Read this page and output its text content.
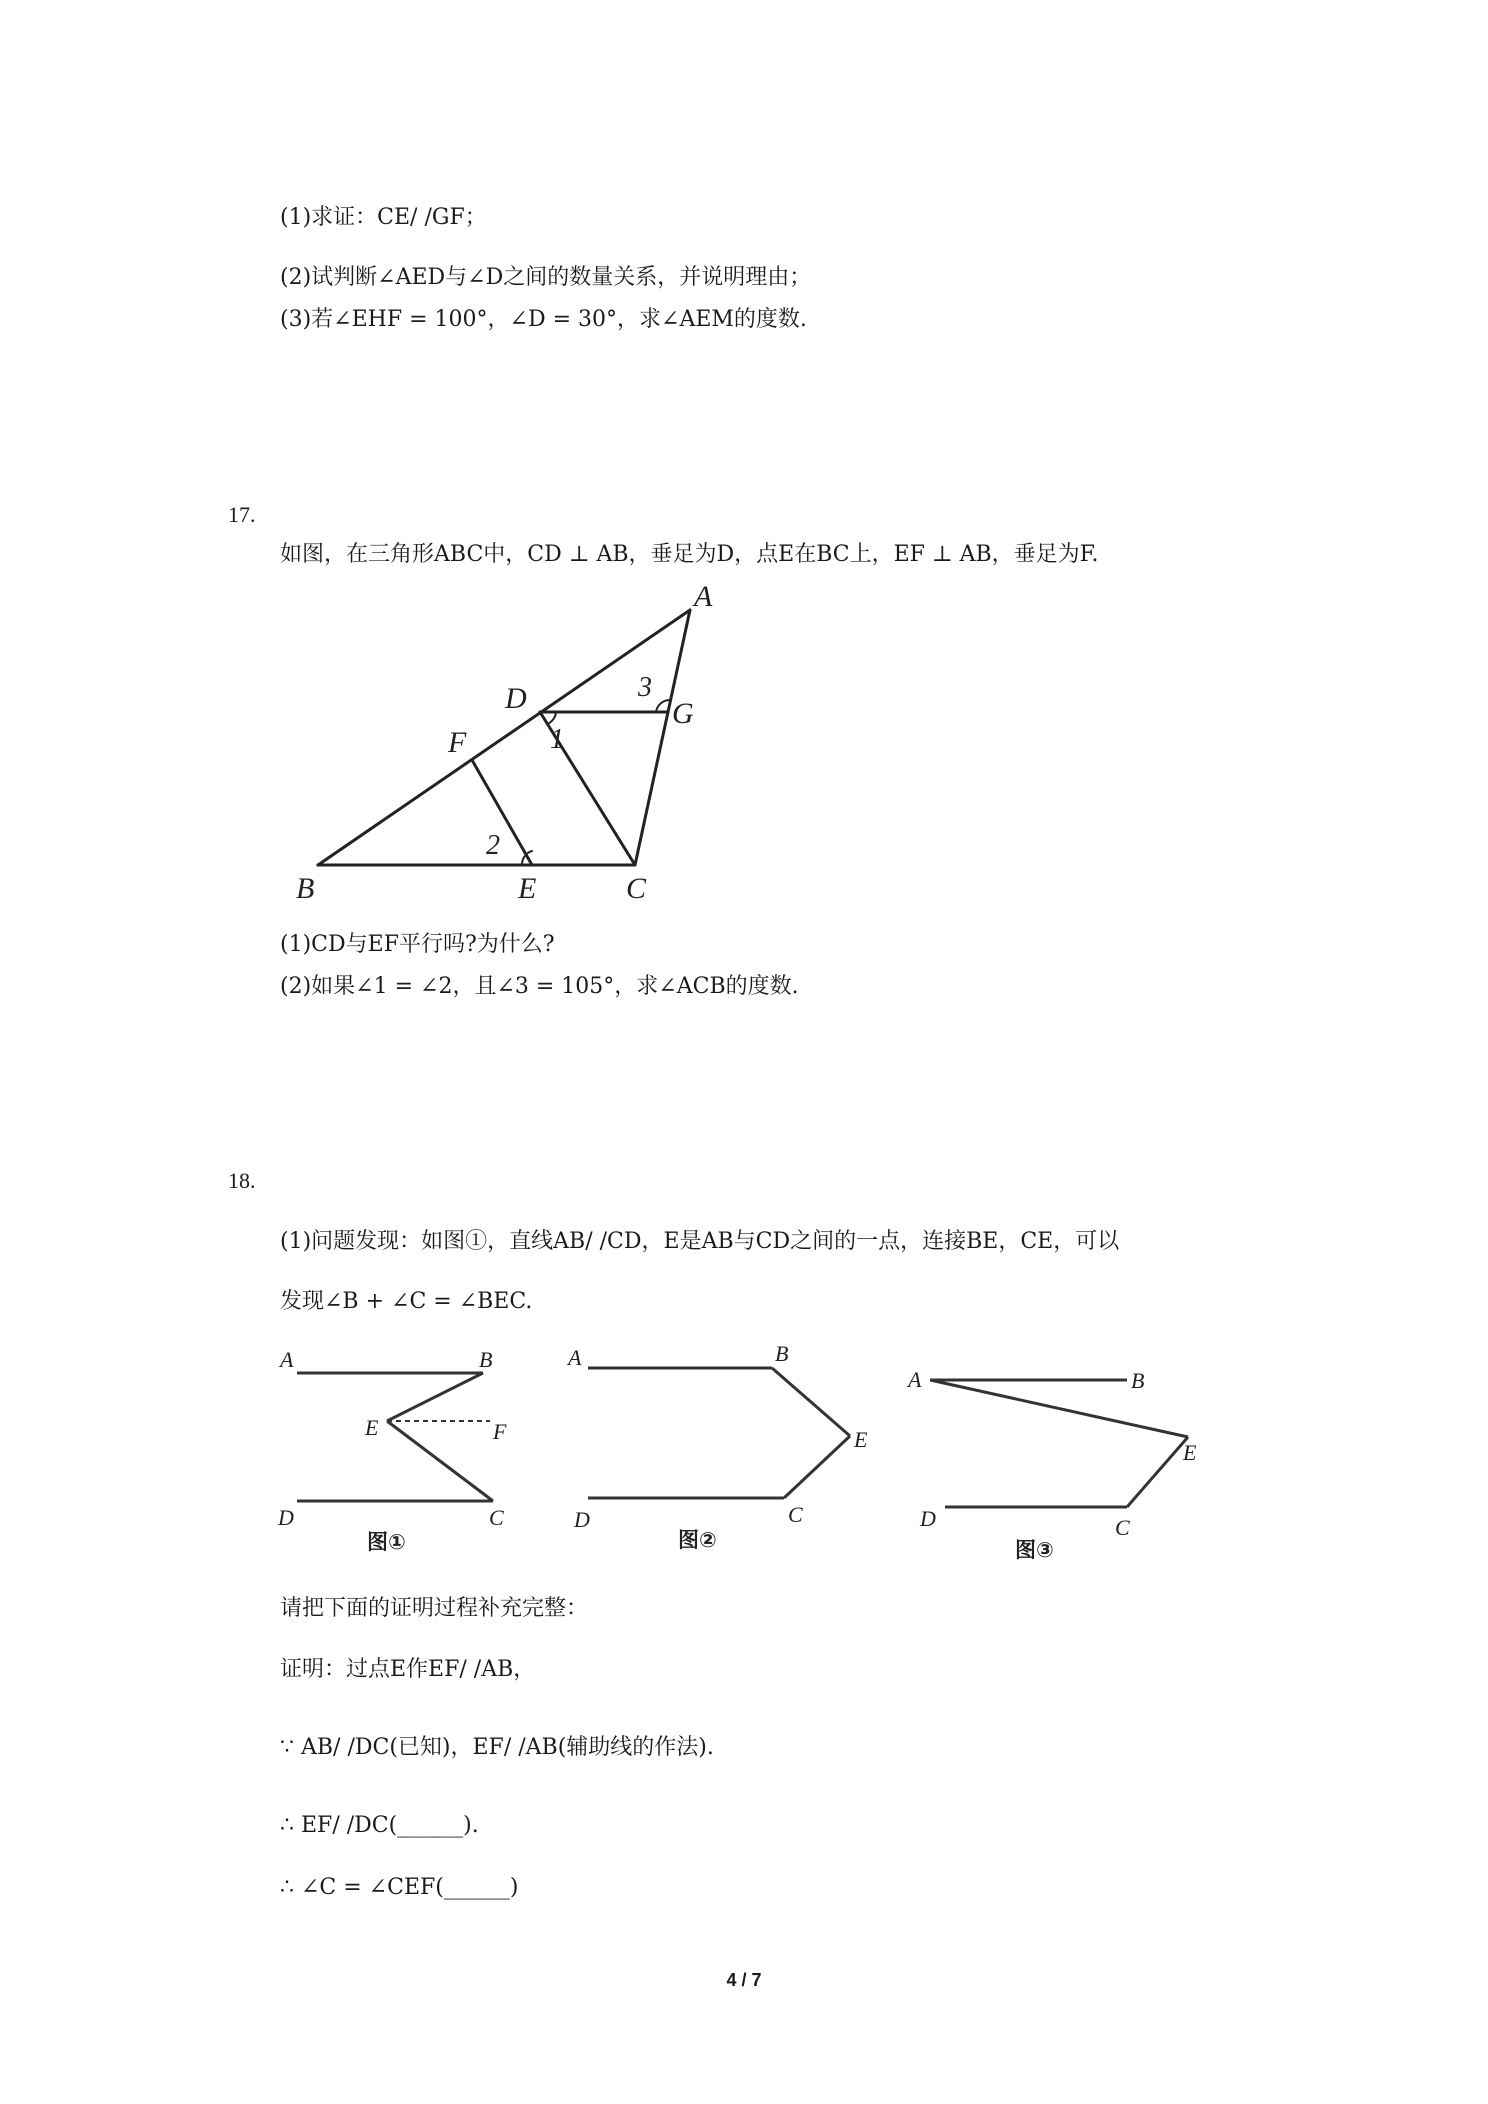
(1)求证：CE/ /GF；
(2)试判断∠AED与∠D之间的数量关系，并说明理由；
(3)若∠EHF = 100°，∠D = 30°，求∠AEM的度数.
17.
如图，在三角形ABC中，CD ⊥ AB，垂足为D，点E在BC上，EF ⊥ AB，垂足为F.
A
B	C
D
E
F
G
1
2
3
(1)CD与EF平行吗?为什么?
(2)如果∠1 = ∠2，且∠3 = 105°，求∠ACB的度数.
18.
(1)问题发现：如图①，直线AB/ /CD，E是AB与CD之间的一点，连接BE，CE，可以
发现∠B + ∠C = ∠BEC.
A	B
C
D
E	F
图①
A	B
C
D
E
图②
A	B
C
D
E
图③
请把下面的证明过程补充完整：
证明：过点E作EF/ /AB，
∵ AB/ /DC(已知)，EF/ /AB(辅助线的作法).
∴ EF/ /DC(______).
∴ ∠C = ∠CEF(______)
4 / 7
